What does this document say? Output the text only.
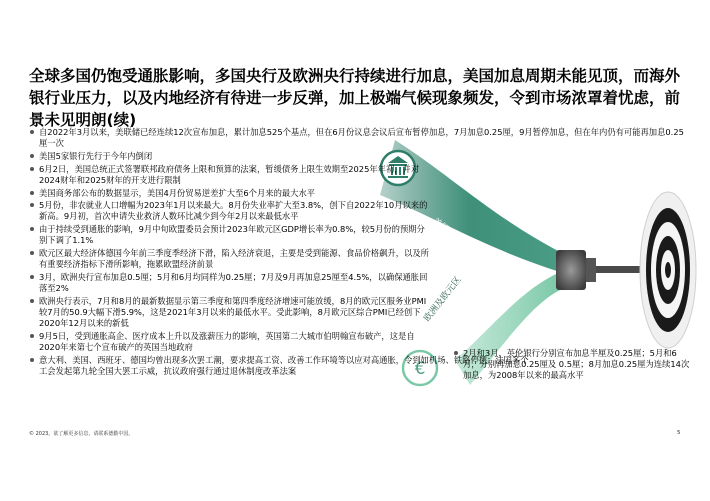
全球多国仍饱受通胀影响，多国央行及欧洲央行持续进行加息，美国加息周期未能见顶，而海外银行业压力，以及内地经济有待进一步反弹，加上极端气候现象频发，令到市场浓罩着忧虑，前景未见明朗(续)
€
美国
欧洲及欧元区
自2022年3月以来，美联储已经连续12次宣布加息，累计加息525个基点，但在6月份议息会议后宣布暂停加息，7月加息0.25厘，9月暂停加息，但在年内仍有可能再加息0.25厘一次
美国5家银行先行于今年内倒闭
6月2日，美国总统正式签署联邦政府债务上限和预算的法案，暂缓债务上限生效期至2025年年初，并对2024财年和2025财年的开支进行限制
美国商务部公布的数据显示，美国4月份贸易逆差扩大至6个月来的最大水平
5月份，非农就业人口增幅为2023年1月以来最大。8月份失业率扩大至3.8%，创下自2022年10月以来的新高。9月初，首次申请失业救济人数环比减少到今年2月以来最低水平
由于持续受到通胀的影响，9月中旬欧盟委员会预计2023年欧元区GDP增长率为0.8%，较5月份的预期分别下调了1.1%
欧元区最大经济体德国今年前三季度季经济下滑，陷入经济衰退，主要是受到能源、食品价格飙升，以及所有重要经济指标下滑所影响，拖累欧盟经济前景
3月，欧洲央行宣布加息0.5厘；5月和6月均同样为0.25厘；7月及9月再加息25厘至4.5%，以确保通胀回落至2%
欧洲央行表示，7月和8月的最新数据显示第三季度和第四季度经济增速可能放缓，8月的欧元区服务业PMI较7月的50.9大幅下滑5.9%，这是2021年3月以来的最低水平。受此影响，8月欧元区综合PMI已经创下2020年12月以来的新低
9月5日，受到通胀高企、医疗成本上升以及涨薪压力的影响，英国第二大城市伯明翰宣布破产，这是自2020年来第七个宣布破产的英国当地政府
意大利、美国、西班牙、德国均曾出现多次罢工潮，要求提高工资、改善工作环境等以应对高通胀，令到如机场、铁路停摆；法国多个工会发起第九轮全国大罢工示威，抗议政府强行通过退休制度改革法案
2月和3月，英伦银行分别宣布加息半厘及0.25厘；5月和6月，分别再加息0.25厘及 0.5厘；8月加息0.25厘为连续14次加息，为2008年以来的最高水平
© 2023。欲了解更多信息，请联系德勤中国。	5
